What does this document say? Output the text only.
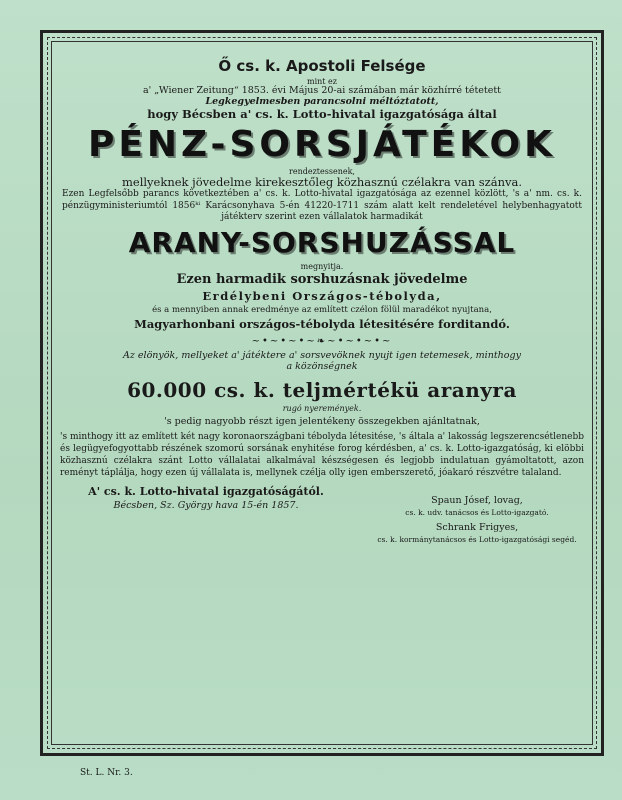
Ő cs. k. Apostoli Felsége

mint ez

a' „Wiener Zeitung“ 1853. évi Május 20-ai számában már közhírré tétetett

Legkegyelmesben parancsolni méltóztatott,

hogy Bécsben a' cs. k. Lotto-hivatal igazgatósága által

PÉNZ-SORSJÁTÉKOK

rendeztessenek,

mellyeknek jövedelme kirekesztőleg közhasznú czélakra van szánva.

Ezen Legfelsőbb parancs következtében a' cs. k. Lotto-hivatal igazgatósága az ezennel közlött, 's a' nm. cs. k. pénzügyministeriumtól 1856ᵏⁱ Karácsonyhava 5-én 41220-1711 szám alatt kelt rendeletével helybenhagyatott játékterv szerint ezen vállalatok harmadikát

ARANY-SORSHUZÁSSAL

megnyitja.

Ezen harmadik sorshuzásnak jövedelme

Erdélybeni Országos-tébolyda,

és a mennyiben annak eredménye az említett czélon fölül maradékot nyujtana,

Magyarhonbani országos-tébolyda létesitésére forditandó.

~•~•~•~❧~•~•~•~

Az elönyök, mellyeket a' játéktere a' sorsvevöknek nyujt igen tetemesek, minthogy

a közönségnek

60.000 cs. k. teljmértékü aranyra

rugó nyeremények.

's pedig nagyobb részt igen jelentékeny összegekben ajánltatnak,

's minthogy itt az említett két nagy koronaországbani tébolyda létesitése, 's általa a' lakosság legszerencsétlenebb és legügyefogyottabb részének szomorú sorsának enyhitése forog kérdésben, a' cs. k. Lotto-igazgatóság, ki elöbbi közhasznú czélakra szánt Lotto vállalatai alkalmával készségesen és legjobb indulatuan gyámoltatott, azon reményt táplálja, hogy ezen új vállalata is, mellynek czélja olly igen emberszerető, jóakaró részvétre talaland.

A' cs. k. Lotto-hivatal igazgatóságától.

Bécsben, Sz. György hava 15-én 1857.

Spaun Jósef, lovag,

cs. k. udv. tanácsos és Lotto-igazgató.

Schrank Frigyes,

cs. k. kormánytanácsos és Lotto-igazgatósági segéd.

St. L. Nr. 3.
